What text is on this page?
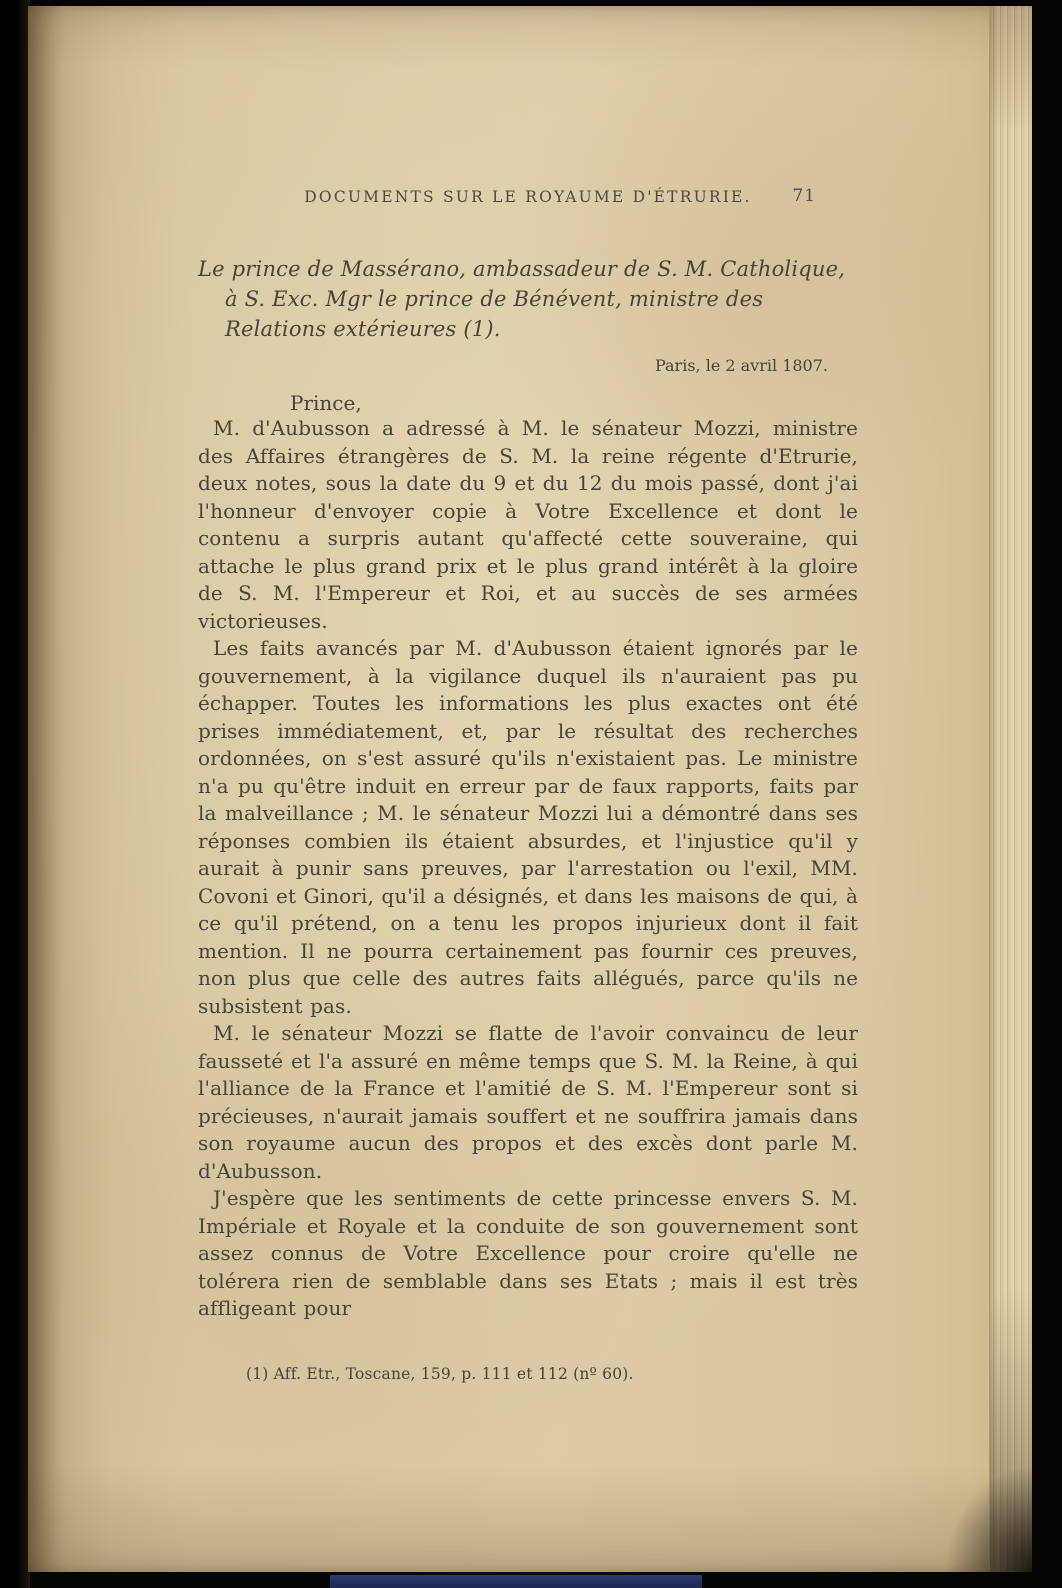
DOCUMENTS SUR LE ROYAUME D'ÉTRURIE. 71
Le prince de Massérano, ambassadeur de S. M. Catholique, à S. Exc. Mgr le prince de Bénévent, ministre des Relations extérieures (1).
Paris, le 2 avril 1807.
Prince,

M. d'Aubusson a adressé à M. le sénateur Mozzi, ministre des Affaires étrangères de S. M. la reine régente d'Etrurie, deux notes, sous la date du 9 et du 12 du mois passé, dont j'ai l'honneur d'envoyer copie à Votre Excellence et dont le contenu a surpris autant qu'affecté cette souveraine, qui attache le plus grand prix et le plus grand intérêt à la gloire de S. M. l'Empereur et Roi, et au succès de ses armées victorieuses.

Les faits avancés par M. d'Aubusson étaient ignorés par le gouvernement, à la vigilance duquel ils n'auraient pas pu échapper. Toutes les informations les plus exactes ont été prises immédiatement, et, par le résultat des recherches ordonnées, on s'est assuré qu'ils n'existaient pas. Le ministre n'a pu qu'être induit en erreur par de faux rapports, faits par la malveillance ; M. le sénateur Mozzi lui a démontré dans ses réponses combien ils étaient absurdes, et l'injustice qu'il y aurait à punir sans preuves, par l'arrestation ou l'exil, MM. Covoni et Ginori, qu'il a désignés, et dans les maisons de qui, à ce qu'il prétend, on a tenu les propos injurieux dont il fait mention. Il ne pourra certainement pas fournir ces preuves, non plus que celle des autres faits allégués, parce qu'ils ne subsistent pas.

M. le sénateur Mozzi se flatte de l'avoir convaincu de leur fausseté et l'a assuré en même temps que S. M. la Reine, à qui l'alliance de la France et l'amitié de S. M. l'Empereur sont si précieuses, n'aurait jamais souffert et ne souffrira jamais dans son royaume aucun des propos et des excès dont parle M. d'Aubusson.

J'espère que les sentiments de cette princesse envers S. M. Impériale et Royale et la conduite de son gouvernement sont assez connus de Votre Excellence pour croire qu'elle ne tolérera rien de semblable dans ses Etats ; mais il est très affligeant pour

(1) Aff. Etr., Toscane, 159, p. 111 et 112 (nº 60).
